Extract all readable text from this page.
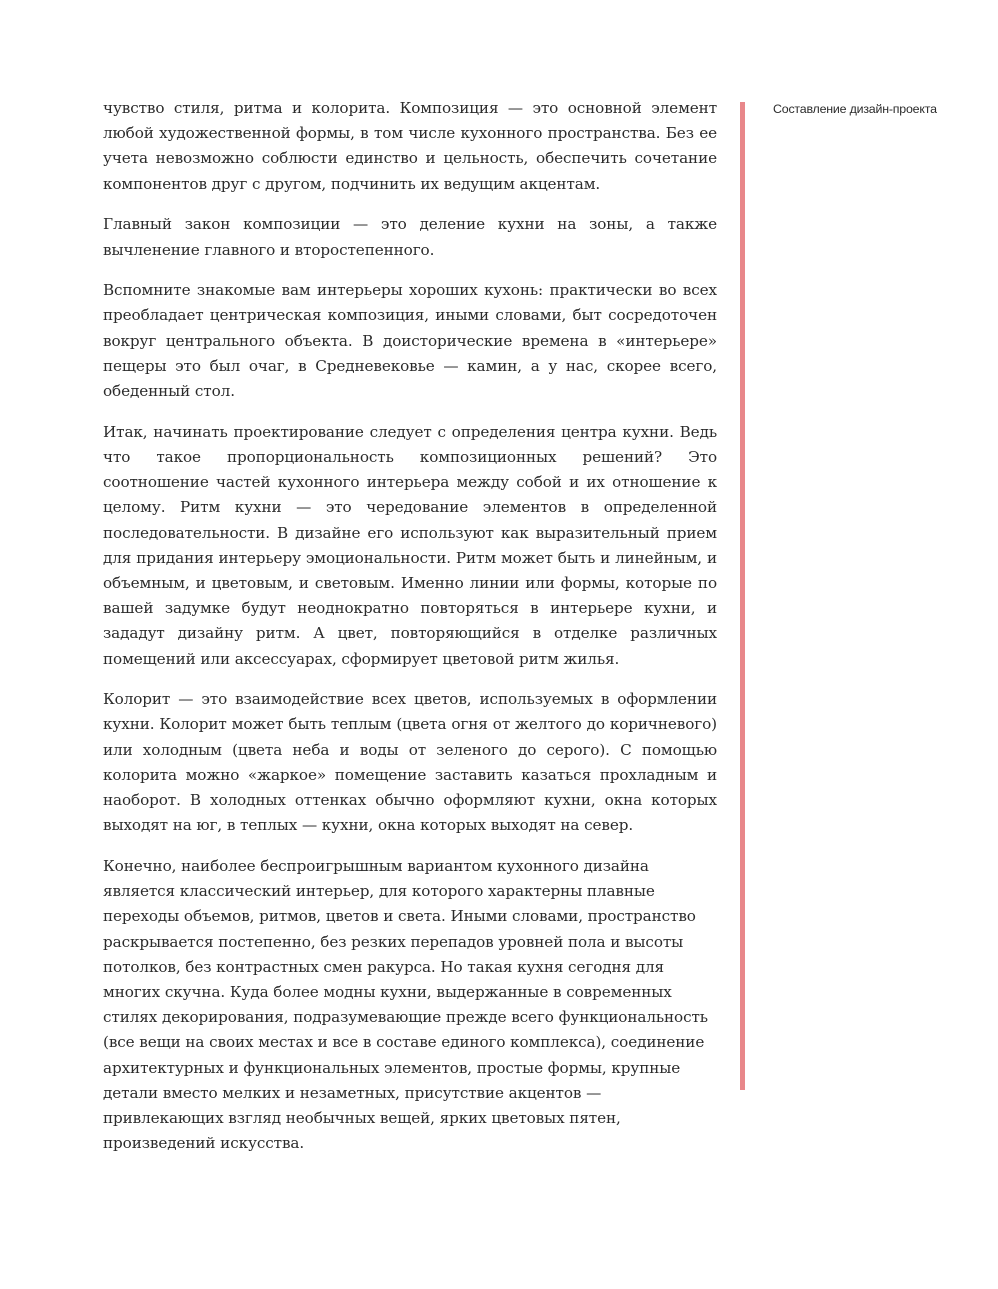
чувство стиля, ритма и колорита. Композиция — это основной элемент любой художественной формы, в том числе кухонного пространства. Без ее учета невозможно соблюсти единство и цельность, обеспечить сочетание компонентов друг с другом, подчинить их ведущим акцентам.

Главный закон композиции — это деление кухни на зоны, а также вычленение главного и второстепенного.

Вспомните знакомые вам интерьеры хороших кухонь: практически во всех преобладает центрическая композиция, иными словами, быт сосредоточен вокруг центрального объекта. В доисторические времена в «интерьере» пещеры это был очаг, в Средневековье — камин, а у нас, скорее всего, обеденный стол.

Итак, начинать проектирование следует с определения центра кухни. Ведь что такое пропорциональность композиционных решений? Это соотношение частей кухонного интерьера между собой и их отношение к целому. Ритм кухни — это чередование элементов в определенной последовательности. В дизайне его используют как выразительный прием для придания интерьеру эмоциональности. Ритм может быть и линейным, и объемным, и цветовым, и световым. Именно линии или формы, которые по вашей задумке будут неоднократно повторяться в интерьере кухни, и зададут дизайну ритм. А цвет, повторяющийся в отделке различных помещений или аксессуарах, сформирует цветовой ритм жилья.

Колорит — это взаимодействие всех цветов, используемых в оформлении кухни. Колорит может быть теплым (цвета огня от желтого до коричневого) или холодным (цвета неба и воды от зеленого до серого). С помощью колорита можно «жаркое» помещение заставить казаться прохладным и наоборот. В холодных оттенках обычно оформляют кухни, окна которых выходят на юг, в теплых — кухни, окна которых выходят на север.

Конечно, наиболее беспроигрышным вариантом кухонного дизайна является классический интерьер, для которого характерны плавные переходы объемов, ритмов, цветов и света. Иными словами, пространство раскрывается постепенно, без резких перепадов уровней пола и высоты потолков, без контрастных смен ракурса. Но такая кухня сегодня для многих скучна. Куда более модны кухни, выдержанные в современных стилях декорирования, подразумевающие прежде всего функциональность (все вещи на своих местах и все в составе единого комплекса), соединение архитектурных и функциональных элементов, простые формы, крупные детали вместо мелких и незаметных, присутствие акцентов — привлекающих взгляд необычных вещей, ярких цветовых пятен, произведений искусства.

Составление дизайн-проекта
